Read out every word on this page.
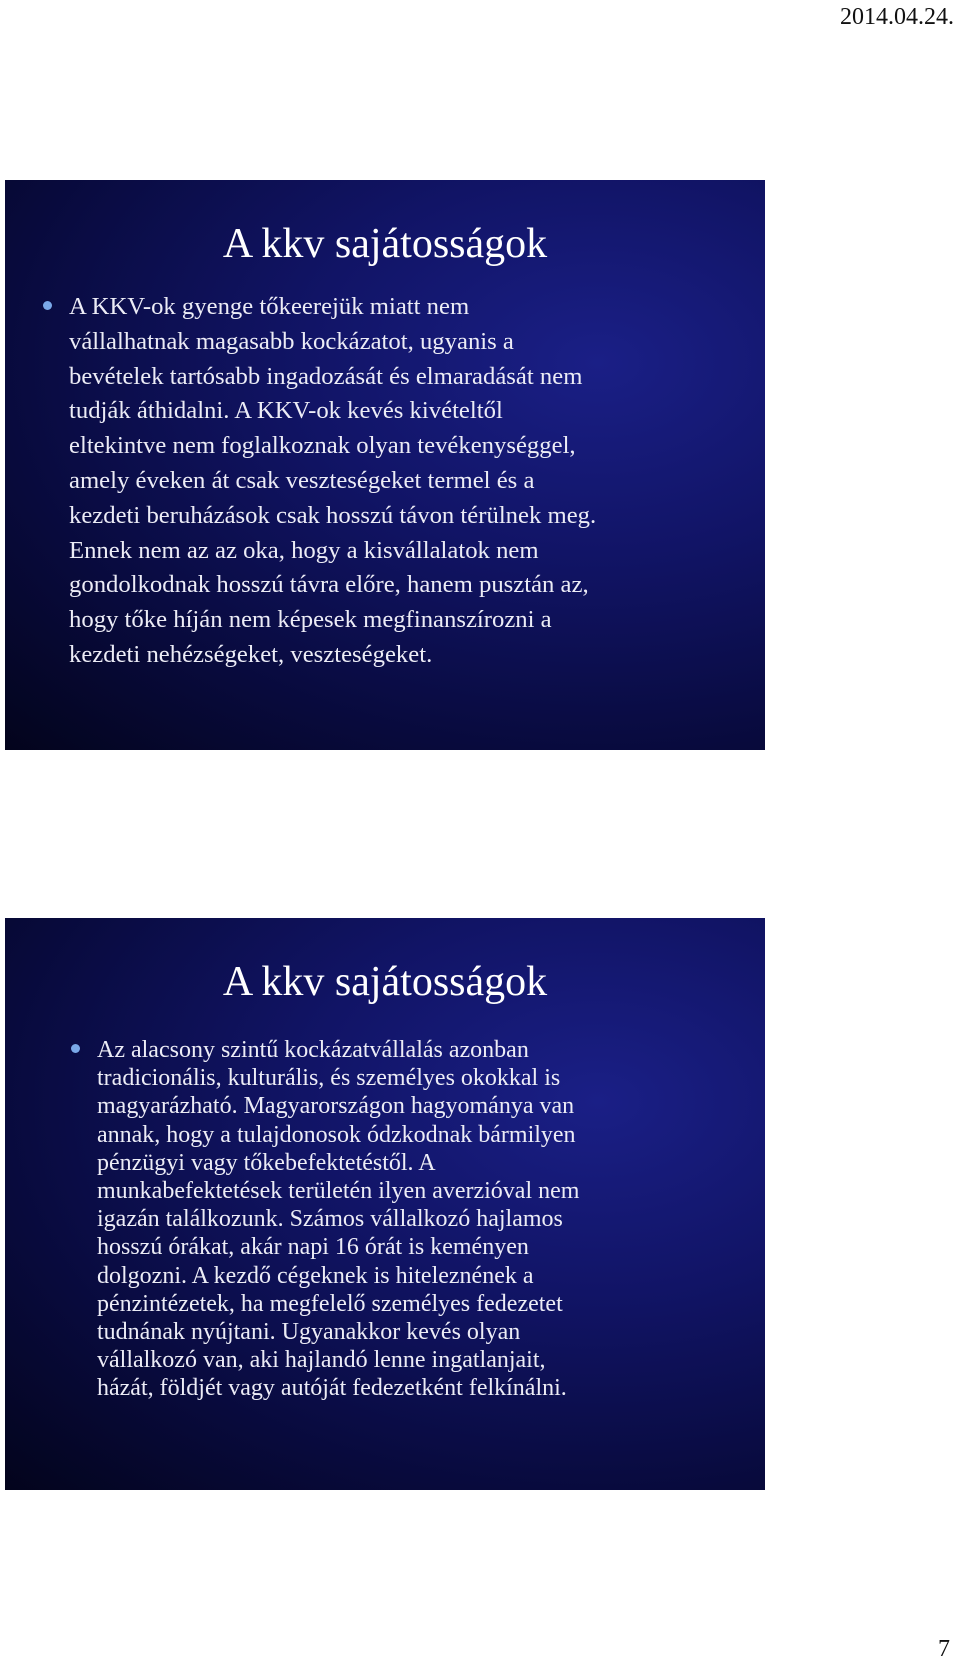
2014.04.24.
A kkv sajátosságok
A KKV-ok gyenge tőkeerejük miatt nem
vállalhatnak magasabb kockázatot, ugyanis a
bevételek tartósabb ingadozását és elmaradását nem
tudják áthidalni. A KKV-ok kevés kivételtől
eltekintve nem foglalkoznak olyan tevékenységgel,
amely éveken át csak veszteségeket termel és a
kezdeti beruházások csak hosszú távon térülnek meg.
Ennek nem az az oka, hogy a kisvállalatok nem
gondolkodnak hosszú távra előre, hanem pusztán az,
hogy tőke híján nem képesek megfinanszírozni a
kezdeti nehézségeket, veszteségeket.
A kkv sajátosságok
Az alacsony szintű kockázatvállalás azonban
tradicionális, kulturális, és személyes okokkal is
magyarázható. Magyarországon hagyománya van
annak, hogy a tulajdonosok ódzkodnak bármilyen
pénzügyi vagy tőkebefektetéstől. A
munkabefektetések területén ilyen averzióval nem
igazán találkozunk. Számos vállalkozó hajlamos
hosszú órákat, akár napi 16 órát is keményen
dolgozni. A kezdő cégeknek is hiteleznének a
pénzintézetek, ha megfelelő személyes fedezetet
tudnának nyújtani. Ugyanakkor kevés olyan
vállalkozó van, aki hajlandó lenne ingatlanjait,
házát, földjét vagy autóját fedezetként felkínálni.
7
